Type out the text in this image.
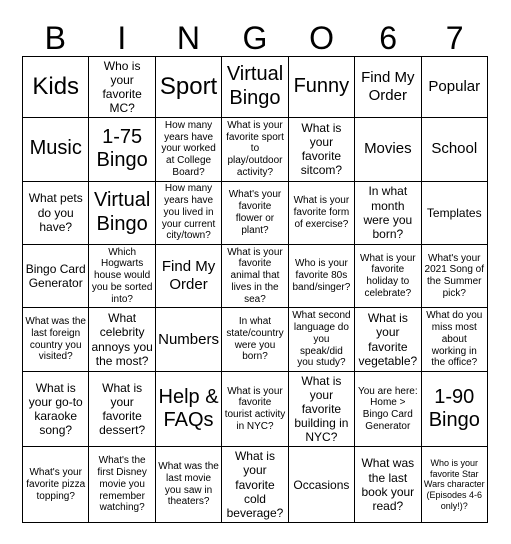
B	I	N	G	O	6	7
Kids	Who is your favorite MC?	Sport	Virtual Bingo	Funny	Find My Order	Popular
Music	1-75 Bingo	How many years have your worked at College Board?	What is your favorite sport to play/outdoor activity?	What is your favorite sitcom?	Movies	School
What pets do you have?	Virtual Bingo	How many years have you lived in your current city/town?	What's your favorite flower or plant?	What is your favorite form of exercise?	In what month were you born?	Templates
Bingo Card Generator	Which Hogwarts house would you be sorted into?	Find My Order	What is your favorite animal that lives in the sea?	Who is your favorite 80s band/singer?	What is your favorite holiday to celebrate?	What's your 2021 Song of the Summer pick?
What was the last foreign country you visited?	What celebrity annoys you the most?	Numbers	In what state/country were you born?	What second language do you speak/did you study?	What is your favorite vegetable?	What do you miss most about working in the office?
What is your go-to karaoke song?	What is your favorite dessert?	Help & FAQs	What is your favorite tourist activity in NYC?	What is your favorite building in NYC?	You are here: Home > Bingo Card Generator	1-90 Bingo
What's your favorite pizza topping?	What's the first Disney movie you remember watching?	What was the last movie you saw in theaters?	What is your favorite cold beverage?	Occasions	What was the last book your read?	Who is your favorite Star Wars character (Episodes 4-6 only!)?
